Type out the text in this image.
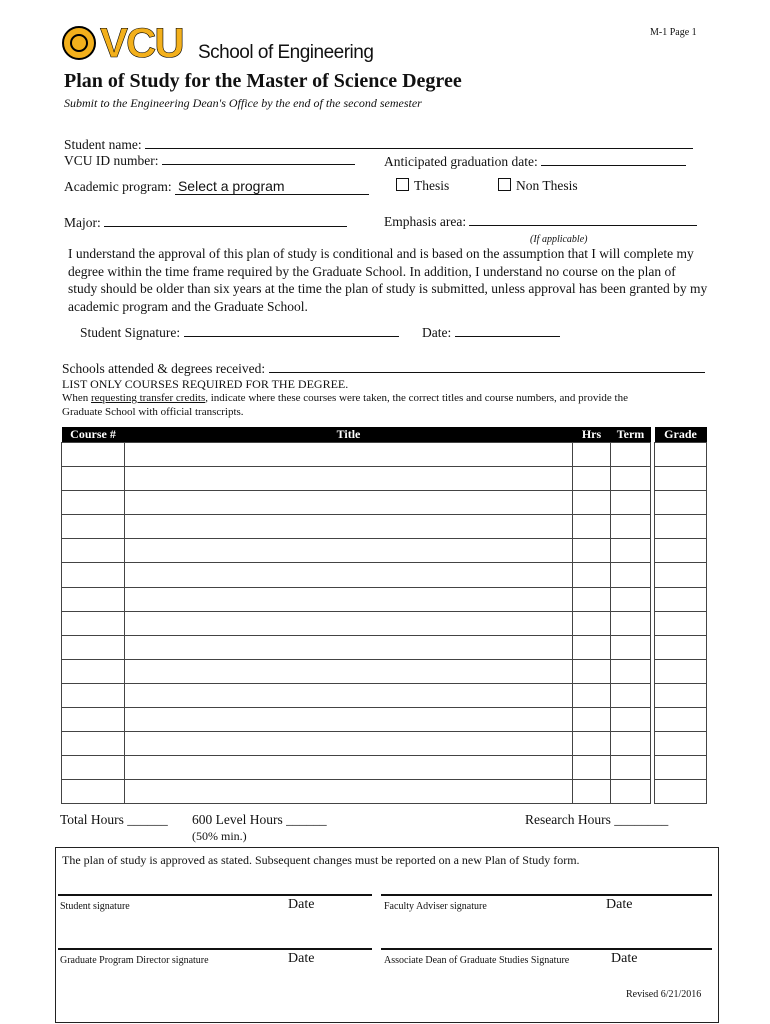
M-1 Page 1
VCU School of Engineering
Plan of Study for the Master of Science Degree
Submit to the Engineering Dean's Office by the end of the second semester
Student name:
VCU ID number:	Anticipated graduation date:
Academic program: Select a program	Thesis	Non Thesis
Major:	Emphasis area:
(If applicable)
I understand the approval of this plan of study is conditional and is based on the assumption that I will complete my degree within the time frame required by the Graduate School. In addition, I understand no course on the plan of study should be older than six years at the time the plan of study is submitted, unless approval has been granted by my academic program and the Graduate School.
Student Signature:	Date:
Schools attended & degrees received:
LIST ONLY COURSES REQUIRED FOR THE DEGREE.
When requesting transfer credits, indicate where these courses were taken, the correct titles and course numbers, and provide the
Graduate School with official transcripts.
Course #	Title	Hrs	Term		Grade

Total Hours ______ 600 Level Hours ______
(50% min.)
Research Hours ________
The plan of study is approved as stated. Subsequent changes must be reported on a new Plan of Study form.
Student signature	Date	Faculty Adviser signature	Date
Graduate Program Director signature	Date	Associate Dean of Graduate Studies Signature	Date
Revised 6/21/2016
